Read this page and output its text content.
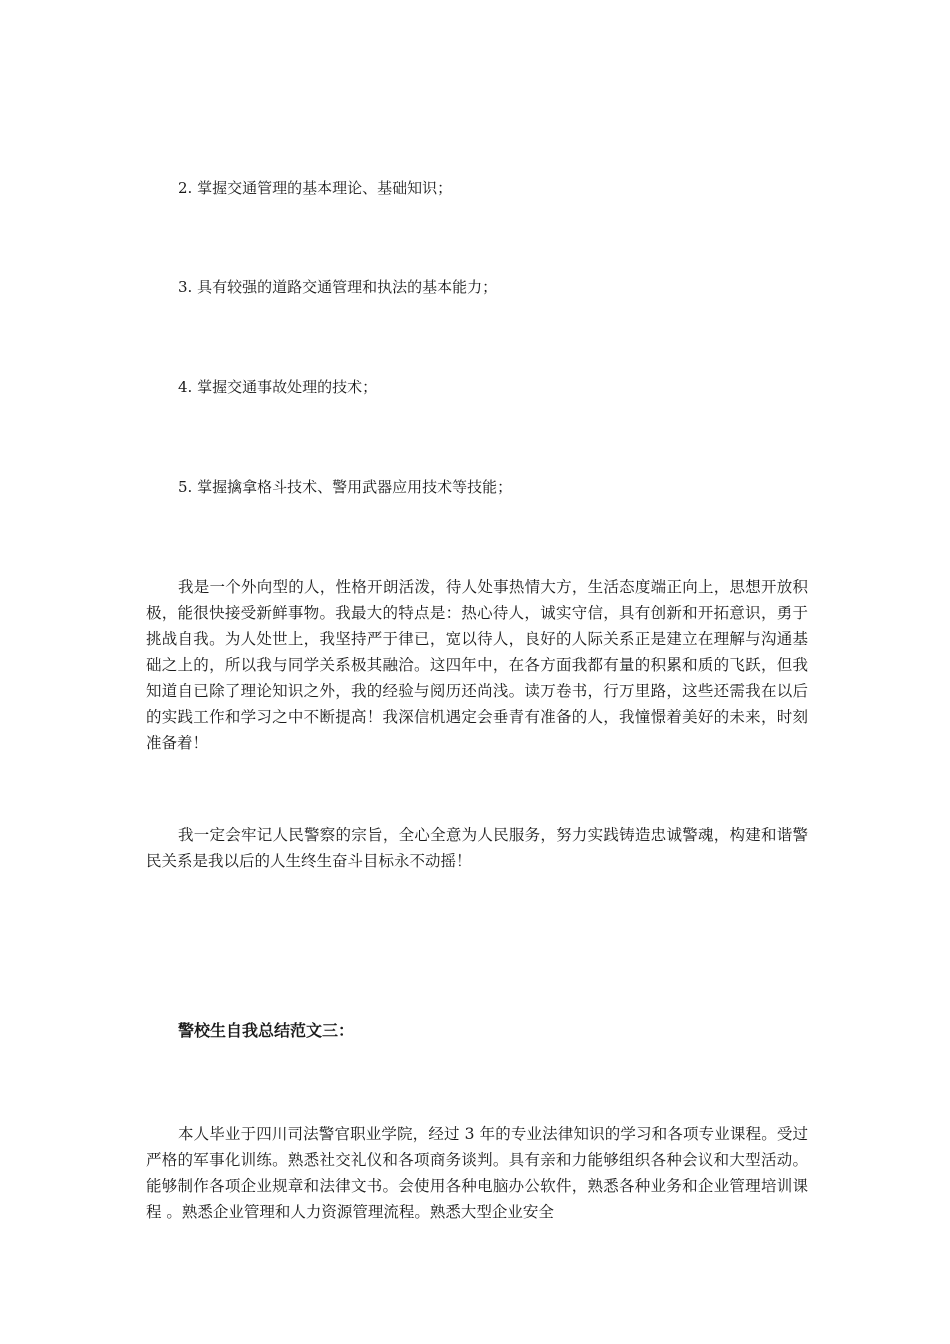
2. 掌握交通管理的基本理论、基础知识；
3. 具有较强的道路交通管理和执法的基本能力；
4. 掌握交通事故处理的技术；
5. 掌握擒拿格斗技术、警用武器应用技术等技能；

我是一个外向型的人，性格开朗活泼，待人处事热情大方，生活态度端正向上，思想开放积极，能很快接受新鲜事物。我最大的特点是：热心待人，诚实守信，具有创新和开拓意识，勇于挑战自我。为人处世上，我坚持严于律已，宽以待人，良好的人际关系正是建立在理解与沟通基础之上的，所以我与同学关系极其融洽。这四年中，在各方面我都有量的积累和质的飞跃，但我知道自已除了理论知识之外，我的经验与阅历还尚浅。读万卷书，行万里路，这些还需我在以后的实践工作和学习之中不断提高！我深信机遇定会垂青有准备的人，我憧憬着美好的未来，时刻准备着！

我一定会牢记人民警察的宗旨，全心全意为人民服务，努力实践铸造忠诚警魂，构建和谐警民关系是我以后的人生终生奋斗目标永不动摇！

警校生自我总结范文三：

本人毕业于四川司法警官职业学院，经过 3 年的专业法律知识的学习和各项专业课程。受过严格的军事化训练。熟悉社交礼仪和各项商务谈判。具有亲和力能够组织各种会议和大型活动。能够制作各项企业规章和法律文书。会使用各种电脑办公软件，熟悉各种业务和企业管理培训课程 。熟悉企业管理和人力资源管理流程。熟悉大型企业安全
